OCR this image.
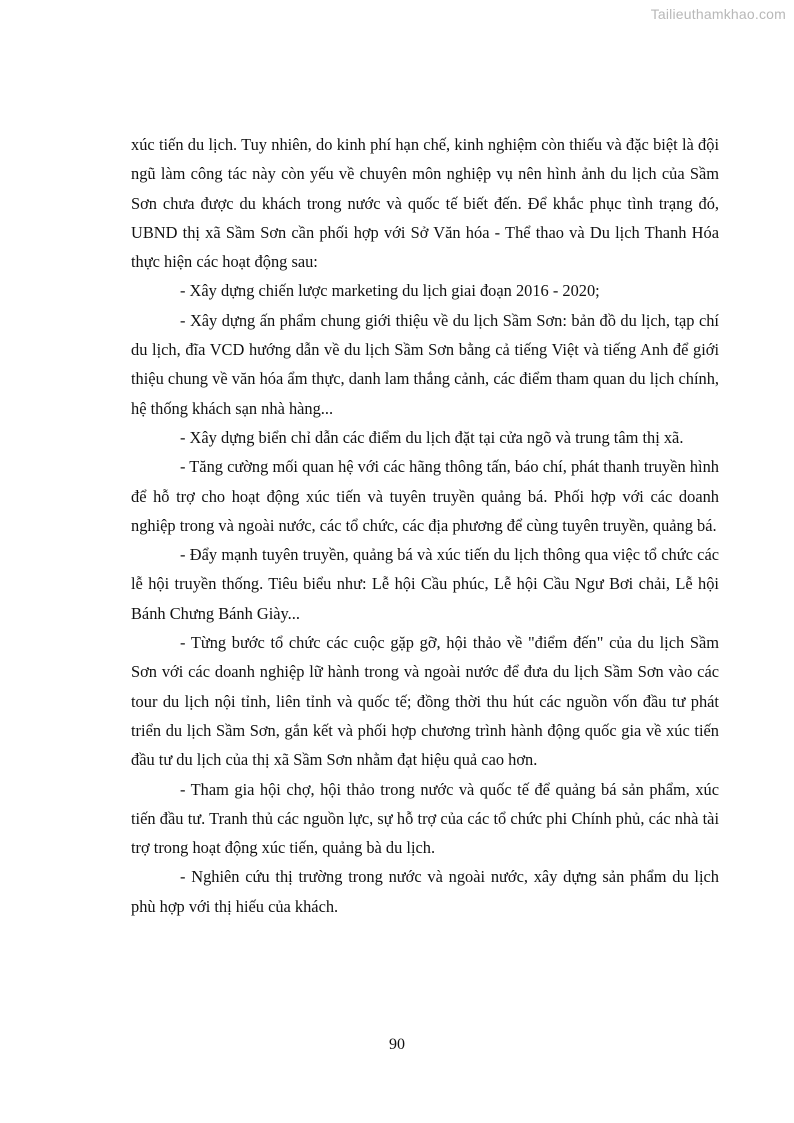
Tailieuthamkhao.com

xúc tiến du lịch. Tuy nhiên, do kinh phí hạn chế, kinh nghiệm còn thiếu và đặc biệt là đội ngũ làm công tác này còn yếu về chuyên môn nghiệp vụ nên hình ảnh du lịch của Sầm Sơn chưa được du khách trong nước và quốc tế biết đến. Để khắc phục tình trạng đó, UBND thị xã Sầm Sơn cần phối hợp với Sở Văn hóa - Thể thao và Du lịch Thanh Hóa thực hiện các hoạt động sau:

- Xây dựng chiến lược marketing du lịch giai đoạn 2016 - 2020;

- Xây dựng ấn phẩm chung giới thiệu về du lịch Sầm Sơn: bản đồ du lịch, tạp chí du lịch, đĩa VCD hướng dẫn về du lịch Sầm Sơn bằng cả tiếng Việt và tiếng Anh để giới thiệu chung về văn hóa ẩm thực, danh lam thắng cảnh, các điểm tham quan du lịch chính, hệ thống khách sạn nhà hàng...

- Xây dựng biển chỉ dẫn các điểm du lịch đặt tại cửa ngõ và trung tâm thị xã.

- Tăng cường mối quan hệ với các hãng thông tấn, báo chí, phát thanh truyền hình để hỗ trợ cho hoạt động xúc tiến và tuyên truyền quảng bá. Phối hợp với các doanh nghiệp trong và ngoài nước, các tổ chức, các địa phương để cùng tuyên truyền, quảng bá.

- Đẩy mạnh tuyên truyền, quảng bá và xúc tiến du lịch thông qua việc tổ chức các lễ hội truyền thống. Tiêu biểu như: Lễ hội Cầu phúc, Lễ hội Cầu Ngư Bơi chải, Lễ hội Bánh Chưng Bánh Giày...

- Từng bước tổ chức các cuộc gặp gỡ, hội thảo về "điểm đến" của du lịch Sầm Sơn với các doanh nghiệp lữ hành trong và ngoài nước để đưa du lịch Sầm Sơn vào các tour du lịch nội tỉnh, liên tỉnh và quốc tế; đồng thời thu hút các nguồn vốn đầu tư phát triển du lịch Sầm Sơn, gắn kết và phối hợp chương trình hành động quốc gia về xúc tiến đầu tư du lịch của thị xã Sầm Sơn nhằm đạt hiệu quả cao hơn.

- Tham gia hội chợ, hội thảo trong nước và quốc tế để quảng bá sản phẩm, xúc tiến đầu tư. Tranh thủ các nguồn lực, sự hỗ trợ của các tổ chức phi Chính phủ, các nhà tài trợ trong hoạt động xúc tiến, quảng bà du lịch.

- Nghiên cứu thị trường trong nước và ngoài nước, xây dựng sản phẩm du lịch phù hợp với thị hiếu của khách.

90
